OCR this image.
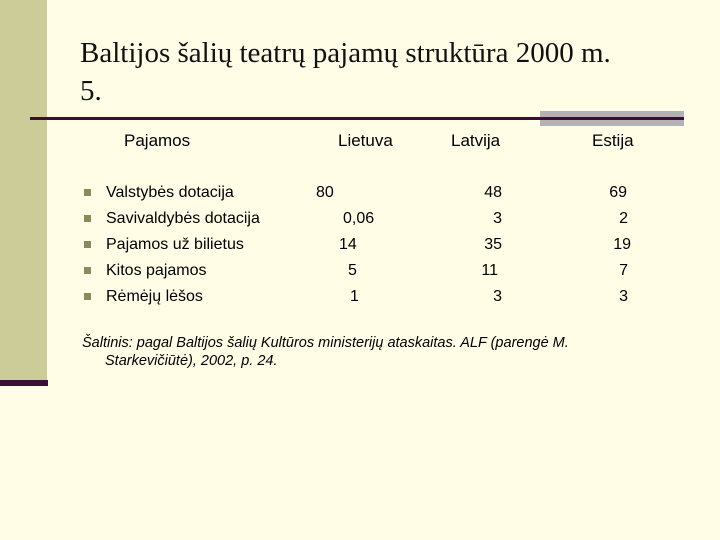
Baltijos šalių teatrų pajamų struktūra 2000 m.
5.
Pajamos	Lietuva	Latvija	Estija
Valstybės dotacija	80	48	69
Savivaldybės dotacija	0,06	3	2
Pajamos už bilietus	14	35	19
Kitos pajamos	5	11	7
Rėmėjų lėšos	1	3	3
Šaltinis: pagal Baltijos šalių Kultūros ministerijų ataskaitas. ALF (parengė M.
Starkevičiūtė), 2002, p. 24.
